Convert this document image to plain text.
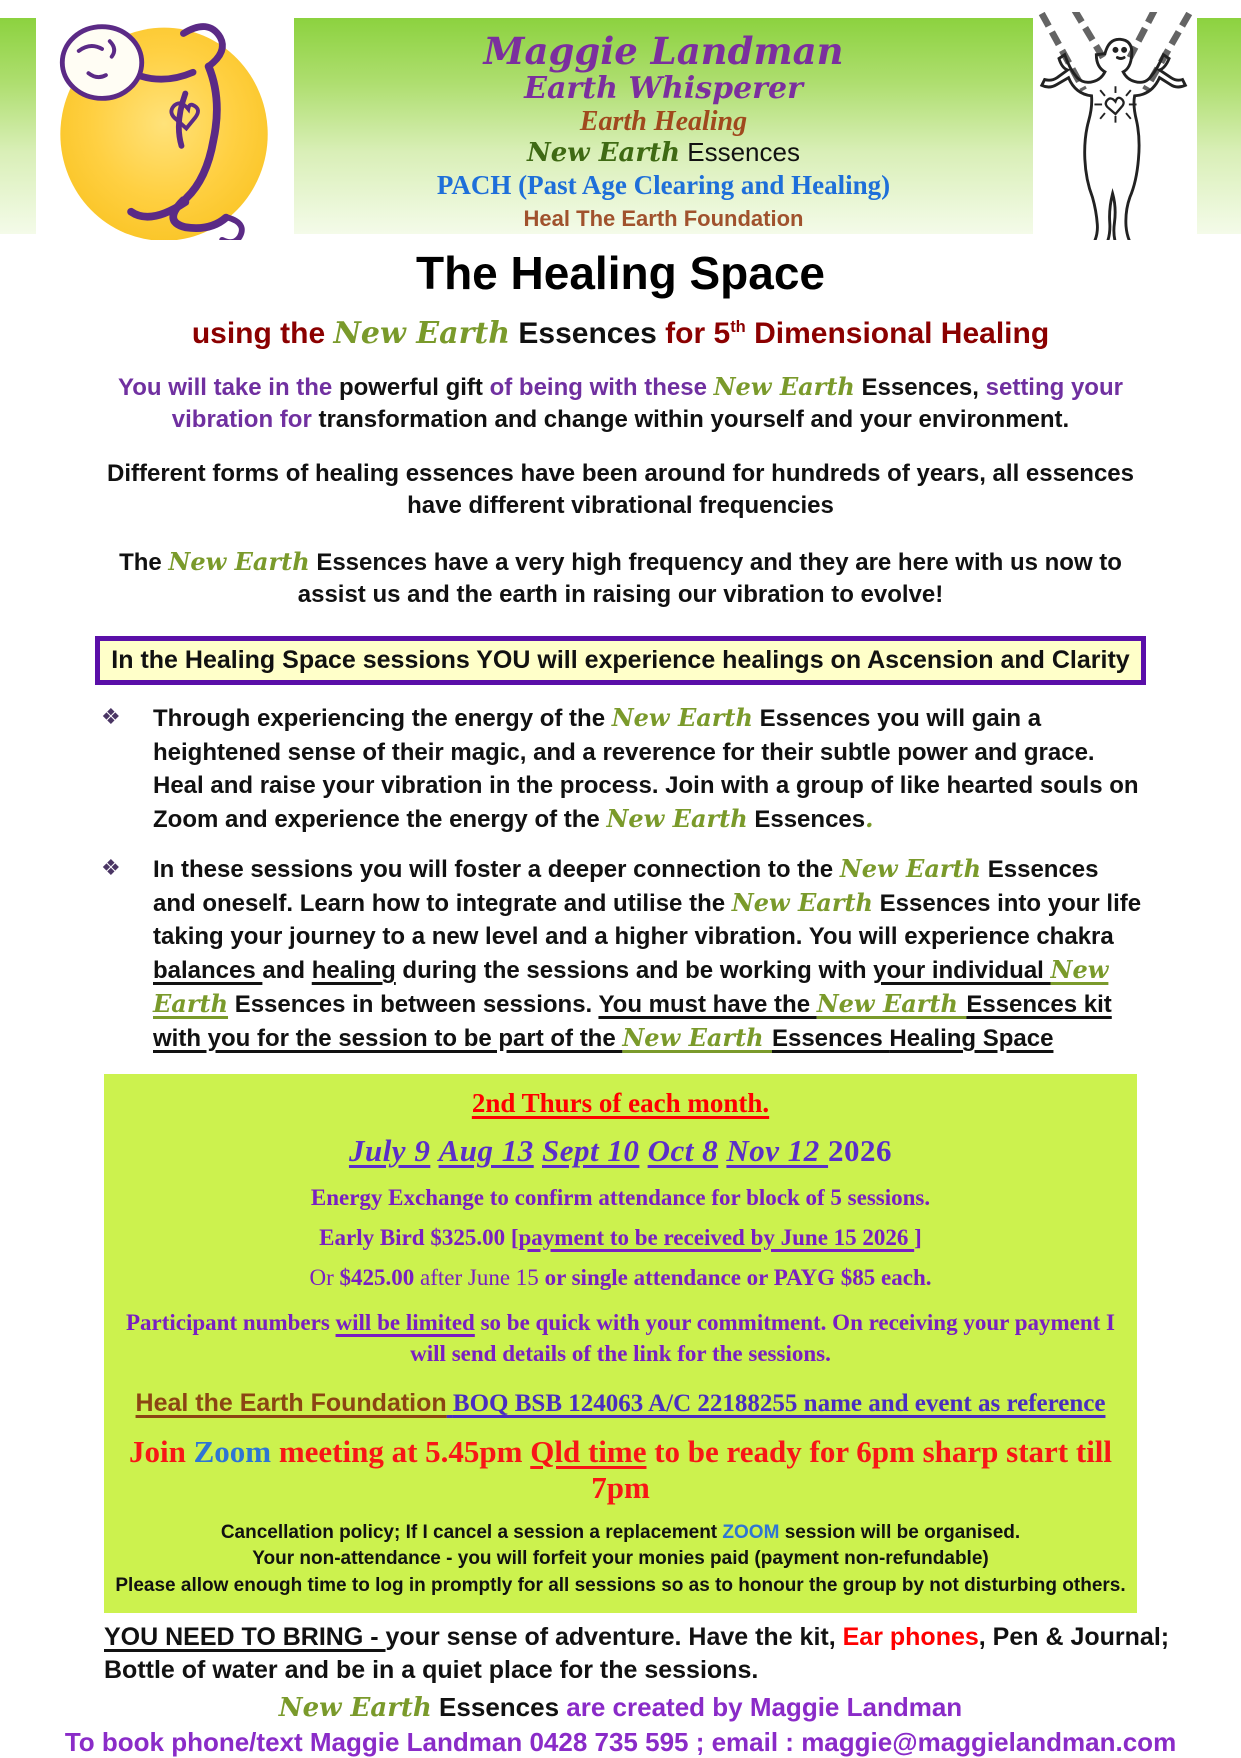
Maggie Landman
Earth Whisperer
Earth Healing
New Earth Essences
PACH (Past Age Clearing and Healing)
Heal The Earth Foundation
The Healing Space
using the New Earth Essences for 5th Dimensional Healing
You will take in the powerful gift of being with these New Earth Essences, setting your vibration for transformation and change within yourself and your environment.
Different forms of healing essences have been around for hundreds of years, all essences have different vibrational frequencies
The New Earth Essences have a very high frequency and they are here with us now to assist us and the earth in raising our vibration to evolve!
In the Healing Space sessions YOU will experience healings on Ascension and Clarity
❖	Through experiencing the energy of the New Earth Essences you will gain a heightened sense of their magic, and a reverence for their subtle power and grace. Heal and raise your vibration in the process. Join with a group of like hearted souls on Zoom and experience the energy of the New Earth Essences.
❖	In these sessions you will foster a deeper connection to the New Earth Essences and oneself. Learn how to integrate and utilise the New Earth Essences into your life taking your journey to a new level and a higher vibration. You will experience chakra balances and healing during the sessions and be working with your individual New Earth Essences in between sessions. You must have the New Earth Essences kit with you for the session to be part of the New Earth Essences Healing Space
2nd Thurs of each month.
July 9 Aug 13 Sept 10 Oct 8 Nov 12 2026
Energy Exchange to confirm attendance for block of 5 sessions.
Early Bird $325.00 [payment to be received by June 15 2026 ]
Or $425.00 after June 15 or single attendance or PAYG $85 each.
Participant numbers will be limited so be quick with your commitment. On receiving your payment I will send details of the link for the sessions.
Heal the Earth Foundation BOQ BSB 124063 A/C 22188255 name and event as reference
Join Zoom meeting at 5.45pm Qld time to be ready for 6pm sharp start till 7pm
Cancellation policy; If I cancel a session a replacement ZOOM session will be organised.
Your non-attendance - you will forfeit your monies paid (payment non-refundable)
Please allow enough time to log in promptly for all sessions so as to honour the group by not disturbing others.
YOU NEED TO BRING - your sense of adventure. Have the kit, Ear phones, Pen & Journal; Bottle of water and be in a quiet place for the sessions.
New Earth Essences are created by Maggie Landman
To book phone/text Maggie Landman 0428 735 595 ; email : maggie@maggielandman.com
